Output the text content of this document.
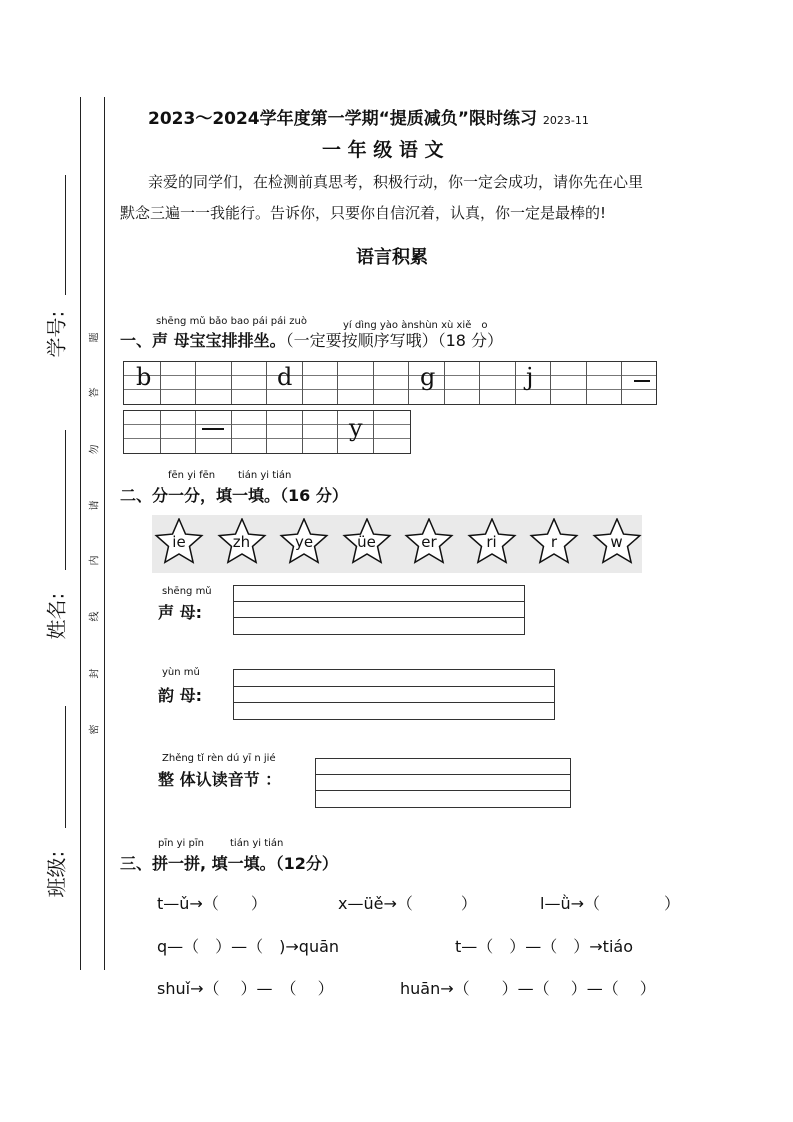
学号:
姓名:
班级:
题
答
勿
请
内
线
封
密
2023～2024学年度第一学期“提质减负”限时练习 2023-11
一 年 级 语 文
亲爱的同学们，在检测前真思考，积极行动，你一定会成功，请你先在心里
默念三遍一一我能行。告诉你，只要你自信沉着，认真，你一定是最棒的!
语言积累
shēng mǔ bǎo bao pái pái zuò	yí dìng yào ànshùn xù xiě　o
一、声 母宝宝排排坐。（一定要按顺序写哦）（18 分）
b	d	g	j
y
fēn yi fēn tián yi tián
二、分一分，填一填。（16 分）
ie	zh	ye	üe	er	ri	r	w
shēng mǔ
声 母:
yùn mǔ
韵 母:
Zhěng tǐ rèn dú yī n jié
整 体认读音节 ：
pīn yi pīn	tián yi tián
三、拼一拼, 填一填。（12分）
t—ǔ→（　　）	x—üě→（　　　）	l—ǜ→（　　　　）
q—（　）—（　)→quān	t—（　）—（　）→tiáo
shuǐ→（　 ）—　（　 ）	huān→（　　）—（　 ）—（　 ）
